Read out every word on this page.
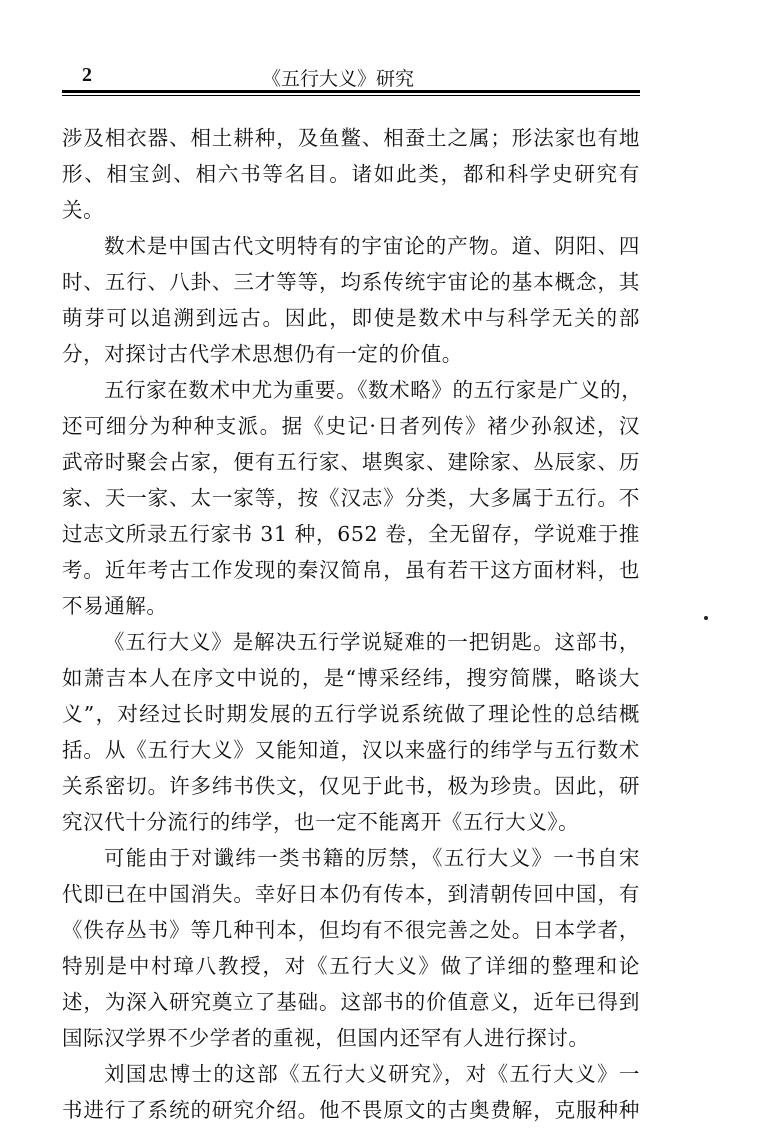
2	《五行大义》研究
涉及相衣器、相土耕种，及鱼鳖、相蚕土之属；形法家也有地
形、相宝剑、相六书等名目。诸如此类，都和科学史研究有
关。
数术是中国古代文明特有的宇宙论的产物。道、阴阳、四
时、五行、八卦、三才等等，均系传统宇宙论的基本概念，其
萌芽可以追溯到远古。因此，即使是数术中与科学无关的部
分，对探讨古代学术思想仍有一定的价值。
五行家在数术中尤为重要。《数术略》的五行家是广义的，
还可细分为种种支派。据《史记·日者列传》褚少孙叙述，汉
武帝时聚会占家，便有五行家、堪舆家、建除家、丛辰家、历
家、天一家、太一家等，按《汉志》分类，大多属于五行。不
过志文所录五行家书 31 种，652 卷，全无留存，学说难于推
考。近年考古工作发现的秦汉简帛，虽有若干这方面材料，也
不易通解。
《五行大义》是解决五行学说疑难的一把钥匙。这部书，
如萧吉本人在序文中说的，是“博采经纬，搜穷简牒，略谈大
义”，对经过长时期发展的五行学说系统做了理论性的总结概
括。从《五行大义》又能知道，汉以来盛行的纬学与五行数术
关系密切。许多纬书佚文，仅见于此书，极为珍贵。因此，研
究汉代十分流行的纬学，也一定不能离开《五行大义》。
可能由于对谶纬一类书籍的厉禁，《五行大义》一书自宋
代即已在中国消失。幸好日本仍有传本，到清朝传回中国，有
《佚存丛书》等几种刊本，但均有不很完善之处。日本学者，
特别是中村璋八教授，对《五行大义》做了详细的整理和论
述，为深入研究奠立了基础。这部书的价值意义，近年已得到
国际汉学界不少学者的重视，但国内还罕有人进行探讨。
刘国忠博士的这部《五行大义研究》，对《五行大义》一
书进行了系统的研究介绍。他不畏原文的古奥费解，克服种种
